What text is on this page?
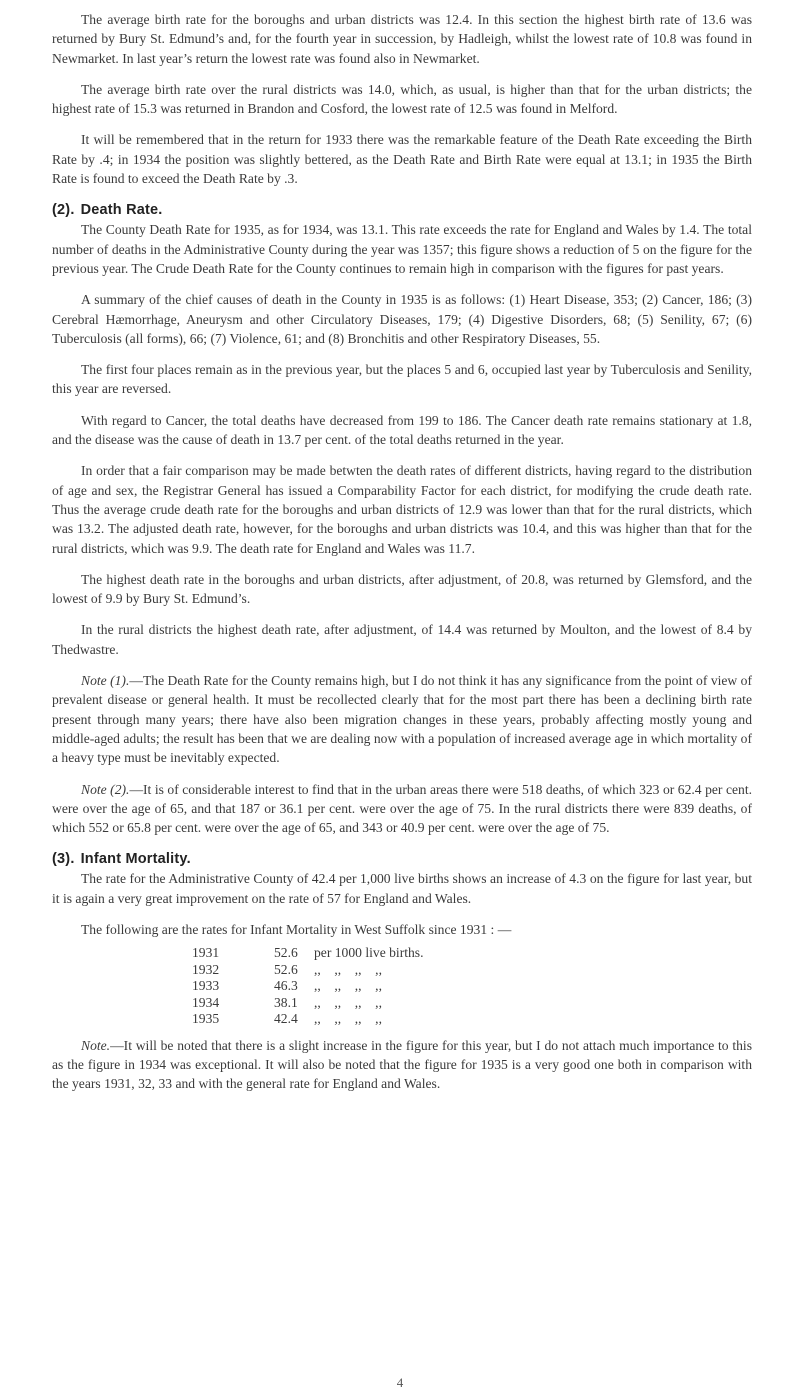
The average birth rate for the boroughs and urban districts was 12.4. In this section the highest birth rate of 13.6 was returned by Bury St. Edmund’s and, for the fourth year in succession, by Hadleigh, whilst the lowest rate of 10.8 was found in Newmarket. In last year’s return the lowest rate was found also in Newmarket.

The average birth rate over the rural districts was 14.0, which, as usual, is higher than that for the urban districts; the highest rate of 15.3 was returned in Brandon and Cosford, the lowest rate of 12.5 was found in Melford.

It will be remembered that in the return for 1933 there was the remarkable feature of the Death Rate exceeding the Birth Rate by .4; in 1934 the position was slightly bettered, as the Death Rate and Birth Rate were equal at 13.1; in 1935 the Birth Rate is found to exceed the Death Rate by .3.

(2). Death Rate.

The County Death Rate for 1935, as for 1934, was 13.1. This rate exceeds the rate for England and Wales by 1.4. The total number of deaths in the Administrative County during the year was 1357; this figure shows a reduction of 5 on the figure for the previous year. The Crude Death Rate for the County continues to remain high in comparison with the figures for past years.

A summary of the chief causes of death in the County in 1935 is as follows: (1) Heart Disease, 353; (2) Cancer, 186; (3) Cerebral Hæmorrhage, Aneurysm and other Circulatory Diseases, 179; (4) Digestive Disorders, 68; (5) Senility, 67; (6) Tuberculosis (all forms), 66; (7) Violence, 61; and (8) Bronchitis and other Respiratory Diseases, 55.

The first four places remain as in the previous year, but the places 5 and 6, occupied last year by Tuberculosis and Senility, this year are reversed.

With regard to Cancer, the total deaths have decreased from 199 to 186. The Cancer death rate remains stationary at 1.8, and the disease was the cause of death in 13.7 per cent. of the total deaths returned in the year.

In order that a fair comparison may be made betwten the death rates of different districts, having regard to the distribution of age and sex, the Registrar General has issued a Comparability Factor for each district, for modifying the crude death rate. Thus the average crude death rate for the boroughs and urban districts of 12.9 was lower than that for the rural districts, which was 13.2. The adjusted death rate, however, for the boroughs and urban districts was 10.4, and this was higher than that for the rural districts, which was 9.9. The death rate for England and Wales was 11.7.

The highest death rate in the boroughs and urban districts, after adjustment, of 20.8, was returned by Glemsford, and the lowest of 9.9 by Bury St. Edmund’s.

In the rural districts the highest death rate, after adjustment, of 14.4 was returned by Moulton, and the lowest of 8.4 by Thedwastre.

Note (1).—The Death Rate for the County remains high, but I do not think it has any significance from the point of view of prevalent disease or general health. It must be recollected clearly that for the most part there has been a declining birth rate present through many years; there have also been migration changes in these years, probably affecting mostly young and middle-aged adults; the result has been that we are dealing now with a population of increased average age in which mortality of a heavy type must be inevitably expected.

Note (2).—It is of considerable interest to find that in the urban areas there were 518 deaths, of which 323 or 62.4 per cent. were over the age of 65, and that 187 or 36.1 per cent. were over the age of 75. In the rural districts there were 839 deaths, of which 552 or 65.8 per cent. were over the age of 65, and 343 or 40.9 per cent. were over the age of 75.

(3). Infant Mortality.

The rate for the Administrative County of 42.4 per 1,000 live births shows an increase of 4.3 on the figure for last year, but it is again a very great improvement on the rate of 57 for England and Wales.

The following are the rates for Infant Mortality in West Suffolk since 1931 : —

1931	52.6	per 1000 live births.
1932	52.6	,,    ,,    ,,    ,,
1933	46.3	,,    ,,    ,,    ,,
1934	38.1	,,    ,,    ,,    ,,
1935	42.4	,,    ,,    ,,    ,,

Note.—It will be noted that there is a slight increase in the figure for this year, but I do not attach much importance to this as the figure in 1934 was exceptional. It will also be noted that the figure for 1935 is a very good one both in comparison with the years 1931, 32, 33 and with the general rate for England and Wales.

4
